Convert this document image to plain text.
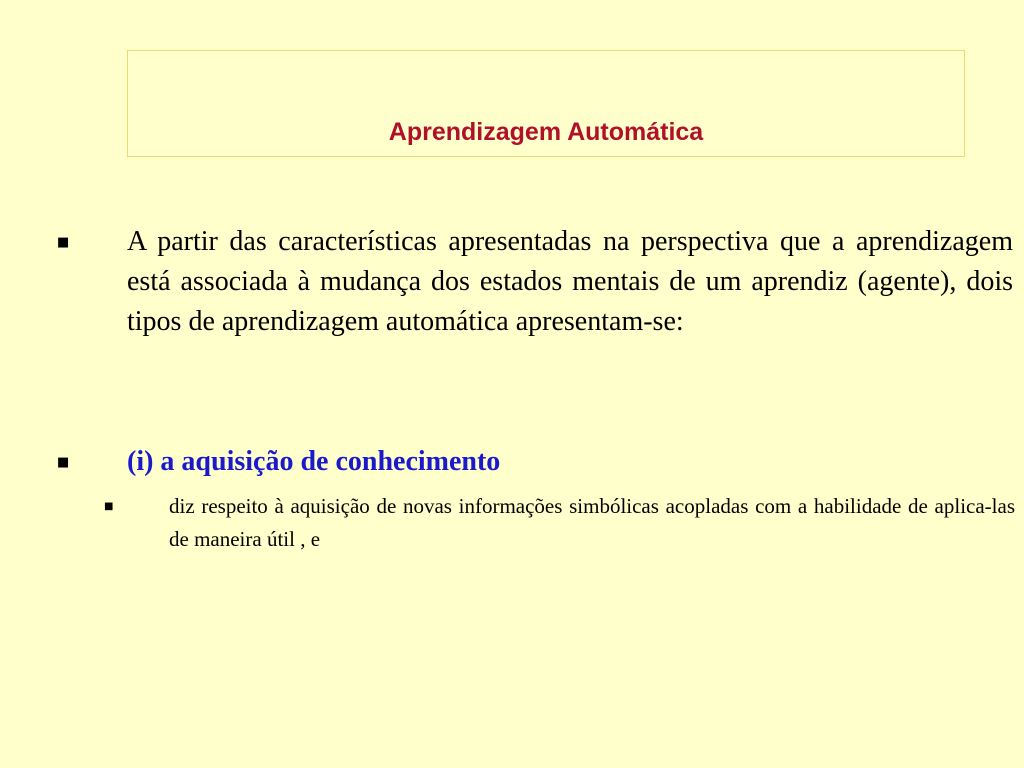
Aprendizagem Automática
■ A partir das características apresentadas na perspectiva que a aprendizagem está associada à mudança dos estados mentais de um aprendiz (agente), dois tipos de aprendizagem automática apresentam-se:
■ (i) a aquisição de conhecimento
■	diz respeito à aquisição de novas informações simbólicas acopladas com a habilidade de aplica-las de maneira útil , e
